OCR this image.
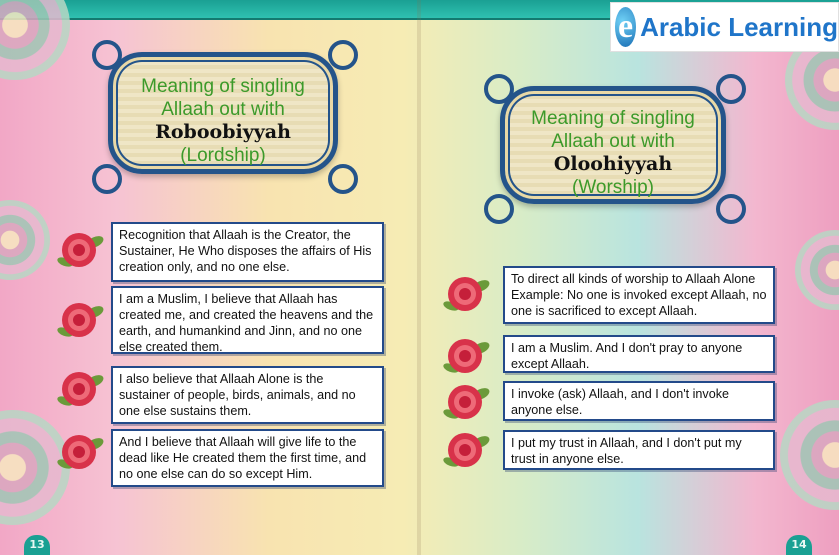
e Arabic Learning
Meaning of singling
Allaah out with
Roboobiyyah
(Lordship)
Meaning of singling
Allaah out with
Oloohiyyah
(Worship)
Recognition that Allaah is the Creator, the Sustainer, He Who disposes the affairs of His creation only, and no one else.
I am a Muslim, I believe that Allaah has created me, and created the heavens and the earth, and humankind and Jinn, and no one else created them.
I also believe that Allaah Alone is the sustainer of people, birds, animals, and no one else sustains them.
And I believe that Allaah will give life to the dead like He created them the first time, and no one else can do so except Him.
To direct all kinds of worship to Allaah Alone Example: No one is invoked except Allaah, no one is sacrificed to except Allaah.
I am a Muslim. And I don't pray to anyone except Allaah.
I invoke (ask) Allaah, and I don't invoke anyone else.
I put my trust in Allaah, and I don't put my trust in anyone else.
13	14
